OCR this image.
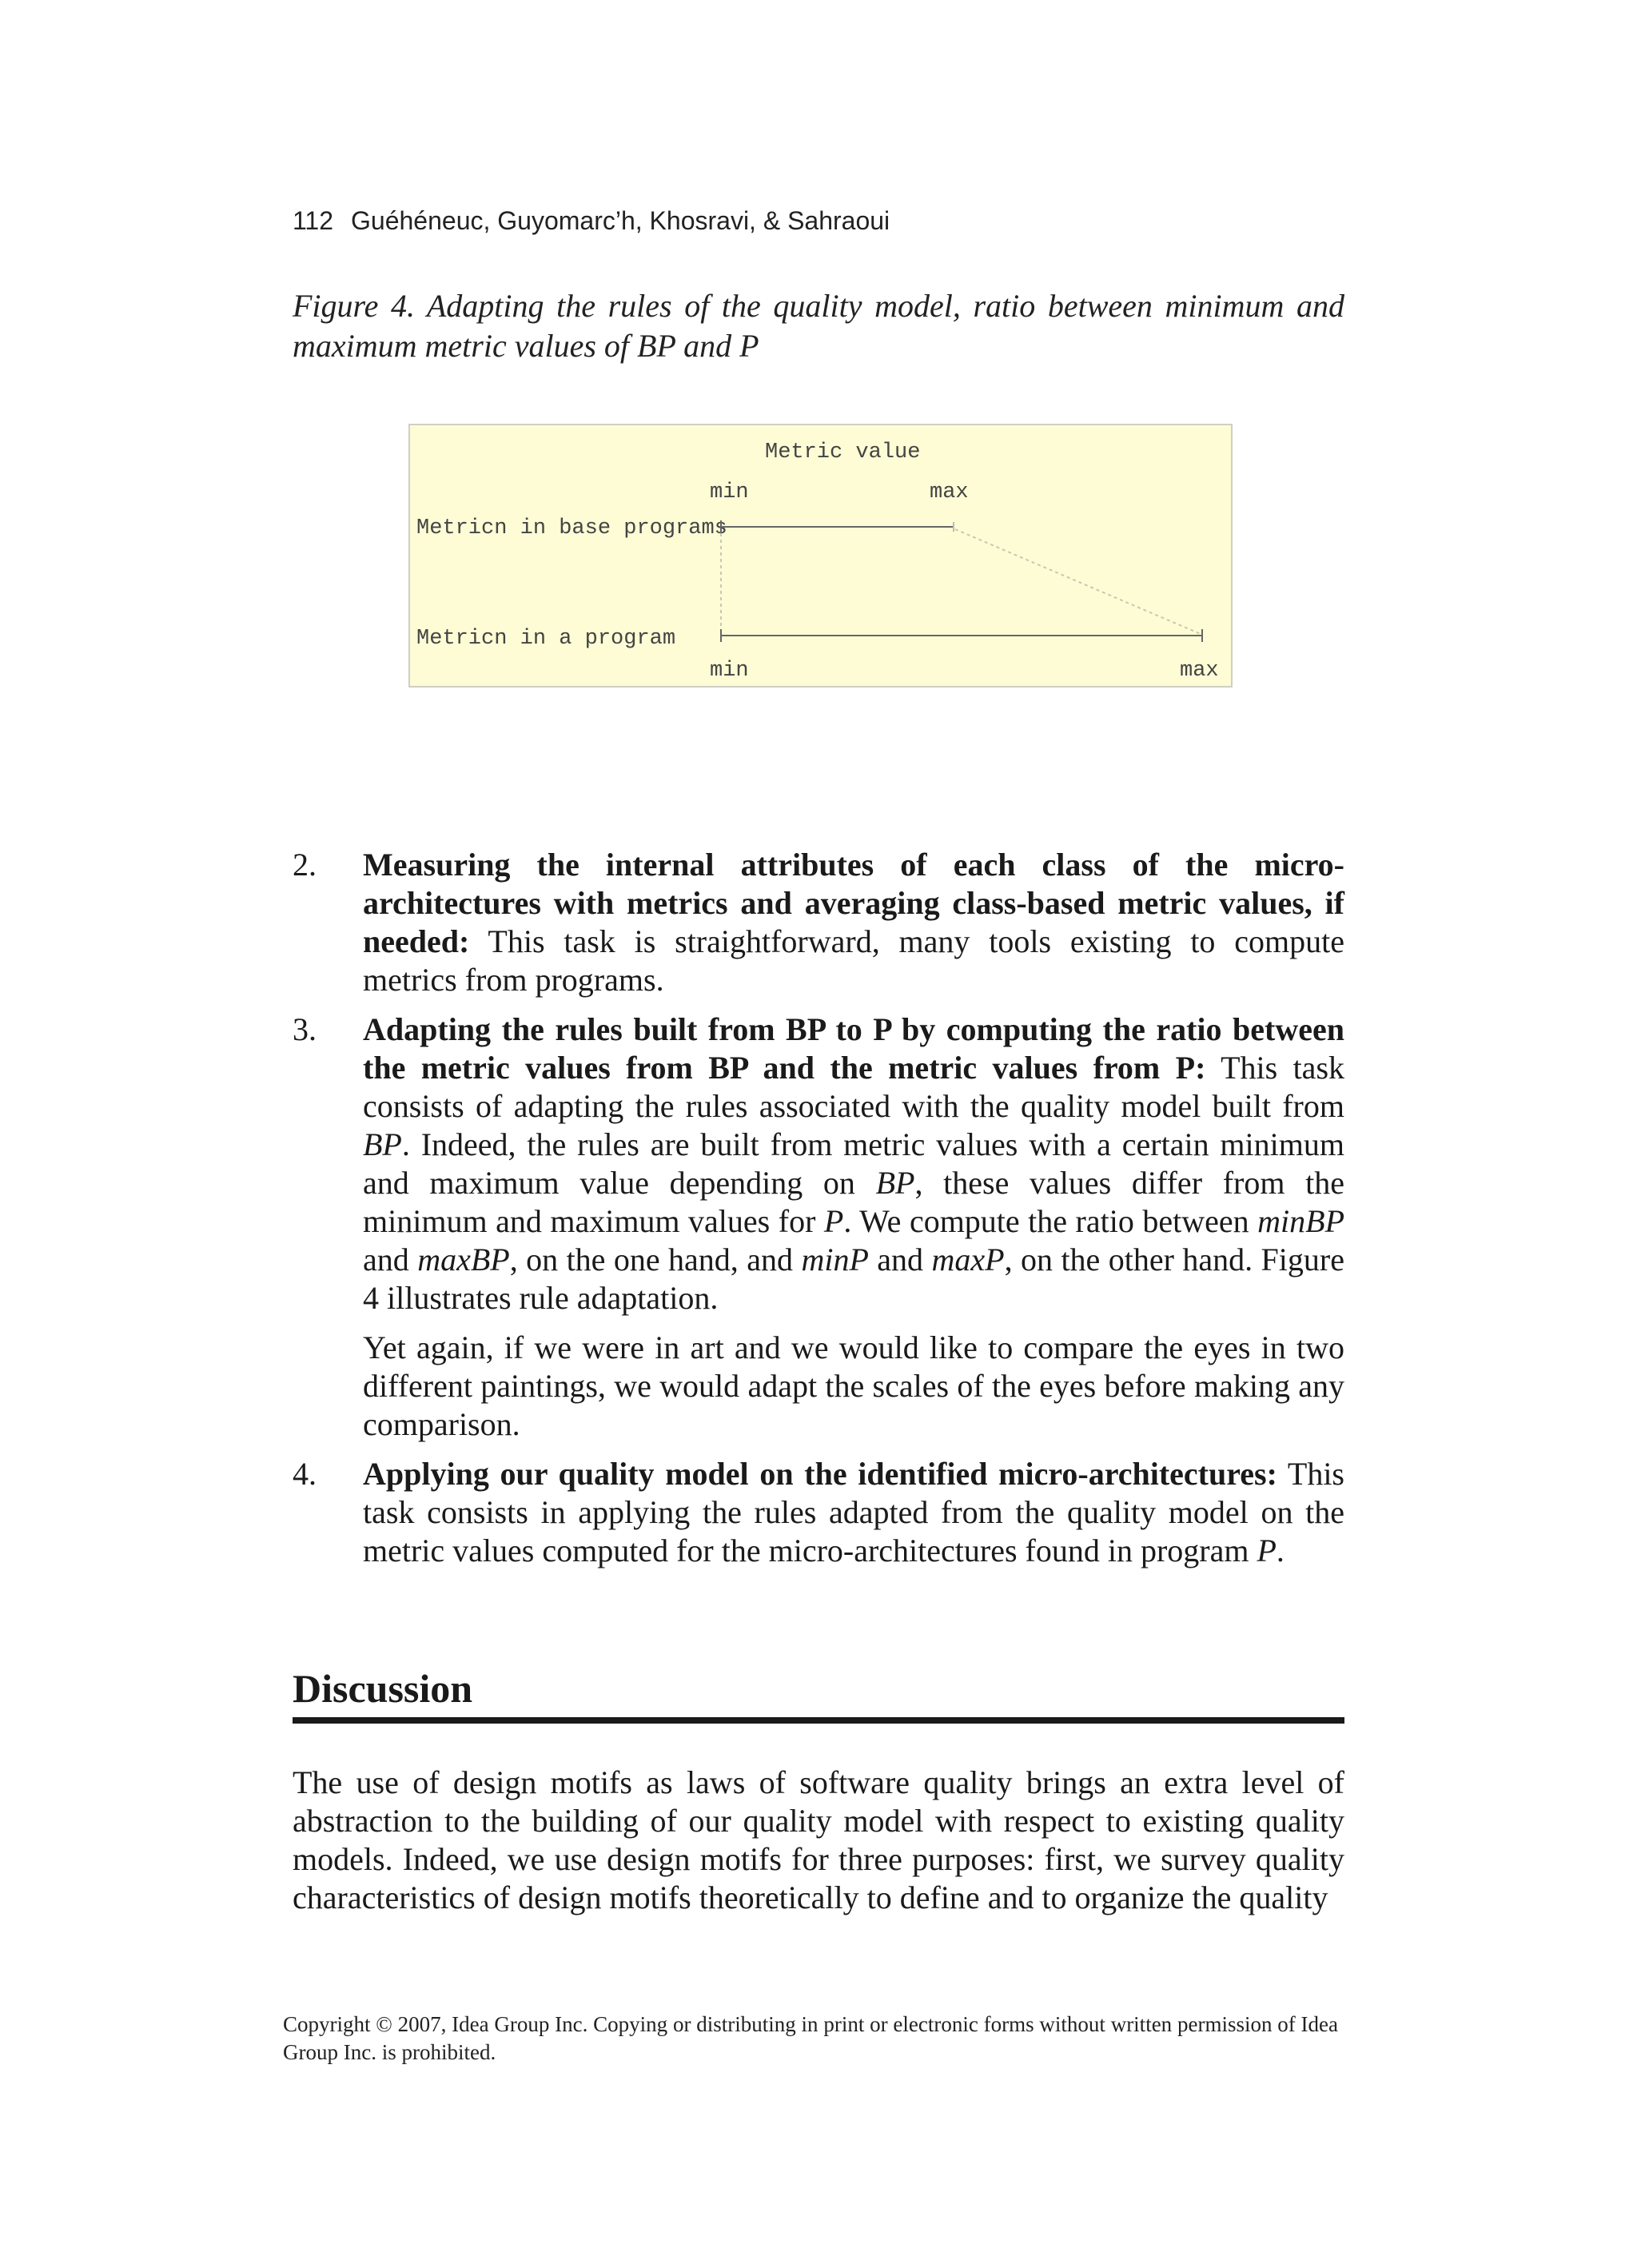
112 Guéhéneuc, Guyomarc’h, Khosravi, & Sahraoui
Figure 4. Adapting the rules of the quality model, ratio between minimum and maximum metric values of BP and P
Metric value
min	max
Metricn in base programs
Metricn in a program
min	max
2. Measuring the internal attributes of each class of the micro-architectures with metrics and averaging class-based metric values, if needed: This task is straightforward, many tools existing to compute metrics from programs.

3. Adapting the rules built from BP to P by computing the ratio between the metric values from BP and the metric values from P: This task consists of adapting the rules associated with the quality model built from BP. Indeed, the rules are built from metric values with a certain minimum and maximum value depending on BP, these values differ from the minimum and maximum values for P. We compute the ratio between minBP and maxBP, on the one hand, and minP and maxP, on the other hand. Figure 4 illustrates rule adaptation.

Yet again, if we were in art and we would like to compare the eyes in two different paintings, we would adapt the scales of the eyes before making any comparison.

4. Applying our quality model on the identified micro-architectures: This task consists in applying the rules adapted from the quality model on the metric values computed for the micro-architectures found in program P.

Discussion

The use of design motifs as laws of software quality brings an extra level of abstraction to the building of our quality model with respect to existing quality models. Indeed, we use design motifs for three purposes: first, we survey quality characteristics of design motifs theoretically to define and to organize the quality

Copyright © 2007, Idea Group Inc. Copying or distributing in print or electronic forms without written permission of Idea Group Inc. is prohibited.
